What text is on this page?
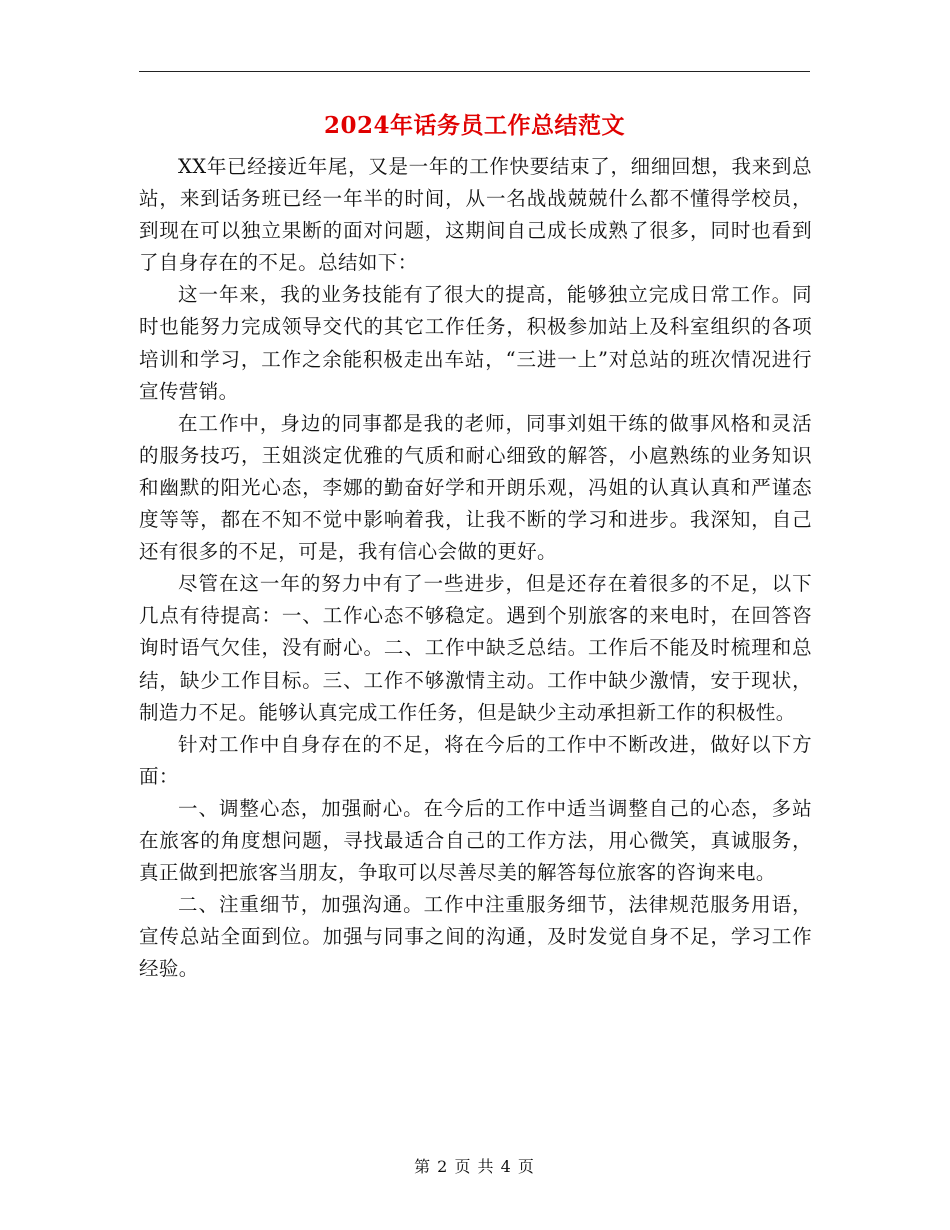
2024年话务员工作总结范文

XX年已经接近年尾，又是一年的工作快要结束了，细细回想，我来到总站，来到话务班已经一年半的时间，从一名战战兢兢什么都不懂得学校员，到现在可以独立果断的面对问题，这期间自己成长成熟了很多，同时也看到了自身存在的不足。总结如下：

这一年来，我的业务技能有了很大的提高，能够独立完成日常工作。同时也能努力完成领导交代的其它工作任务，积极参加站上及科室组织的各项培训和学习，工作之余能积极走出车站，“三进一上”对总站的班次情况进行宣传营销。

在工作中，身边的同事都是我的老师，同事刘姐干练的做事风格和灵活的服务技巧，王姐淡定优雅的气质和耐心细致的解答，小扈熟练的业务知识和幽默的阳光心态，李娜的勤奋好学和开朗乐观，冯姐的认真认真和严谨态度等等，都在不知不觉中影响着我，让我不断的学习和进步。我深知，自己还有很多的不足，可是，我有信心会做的更好。

尽管在这一年的努力中有了一些进步，但是还存在着很多的不足，以下几点有待提高：一、工作心态不够稳定。遇到个别旅客的来电时，在回答咨询时语气欠佳，没有耐心。二、工作中缺乏总结。工作后不能及时梳理和总结，缺少工作目标。三、工作不够激情主动。工作中缺少激情，安于现状，制造力不足。能够认真完成工作任务，但是缺少主动承担新工作的积极性。

针对工作中自身存在的不足，将在今后的工作中不断改进，做好以下方面：

一、调整心态，加强耐心。在今后的工作中适当调整自己的心态，多站在旅客的角度想问题，寻找最适合自己的工作方法，用心微笑，真诚服务，真正做到把旅客当朋友，争取可以尽善尽美的解答每位旅客的咨询来电。

二、注重细节，加强沟通。工作中注重服务细节，法律规范服务用语，宣传总站全面到位。加强与同事之间的沟通，及时发觉自身不足，学习工作经验。

第 2 页 共 4 页
